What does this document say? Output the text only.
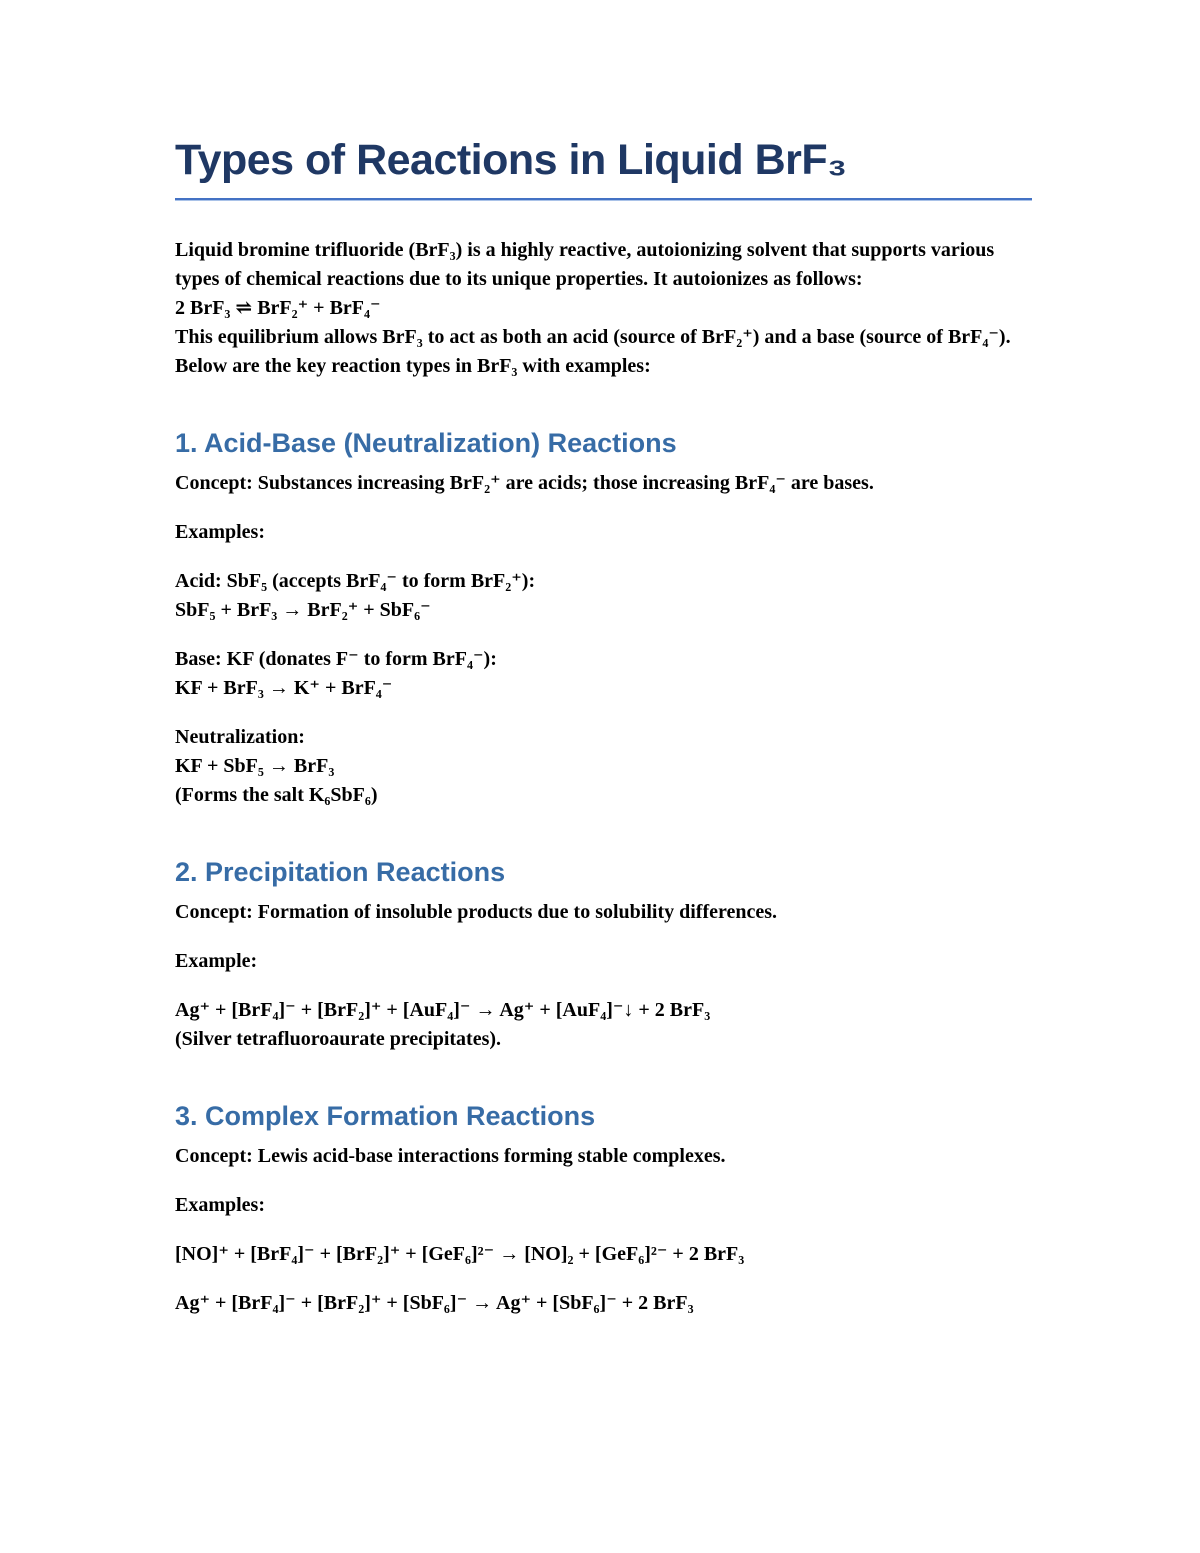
Types of Reactions in Liquid BrF₃

Liquid bromine trifluoride (BrF₃) is a highly reactive, autoionizing solvent that supports various types of chemical reactions due to its unique properties. It autoionizes as follows:
2 BrF₃ ⇌ BrF₂⁺ + BrF₄⁻
This equilibrium allows BrF₃ to act as both an acid (source of BrF₂⁺) and a base (source of BrF₄⁻). Below are the key reaction types in BrF₃ with examples:

1. Acid-Base (Neutralization) Reactions

Concept: Substances increasing BrF₂⁺ are acids; those increasing BrF₄⁻ are bases.

Examples:

Acid: SbF₅ (accepts BrF₄⁻ to form BrF₂⁺):
SbF₅ + BrF₃ → BrF₂⁺ + SbF₆⁻

Base: KF (donates F⁻ to form BrF₄⁻):
KF + BrF₃ → K⁺ + BrF₄⁻

Neutralization:
KF + SbF₅ → BrF₃
(Forms the salt K₆SbF₆)

2. Precipitation Reactions

Concept: Formation of insoluble products due to solubility differences.

Example:

Ag⁺ + [BrF₄]⁻ + [BrF₂]⁺ + [AuF₄]⁻ → Ag⁺ + [AuF₄]⁻↓ + 2 BrF₃
(Silver tetrafluoroaurate precipitates).

3. Complex Formation Reactions

Concept: Lewis acid-base interactions forming stable complexes.

Examples:

[NO]⁺ + [BrF₄]⁻ + [BrF₂]⁺ + [GeF₆]²⁻ → [NO]₂ + [GeF₆]²⁻ + 2 BrF₃

Ag⁺ + [BrF₄]⁻ + [BrF₂]⁺ + [SbF₆]⁻ → Ag⁺ + [SbF₆]⁻ + 2 BrF₃
